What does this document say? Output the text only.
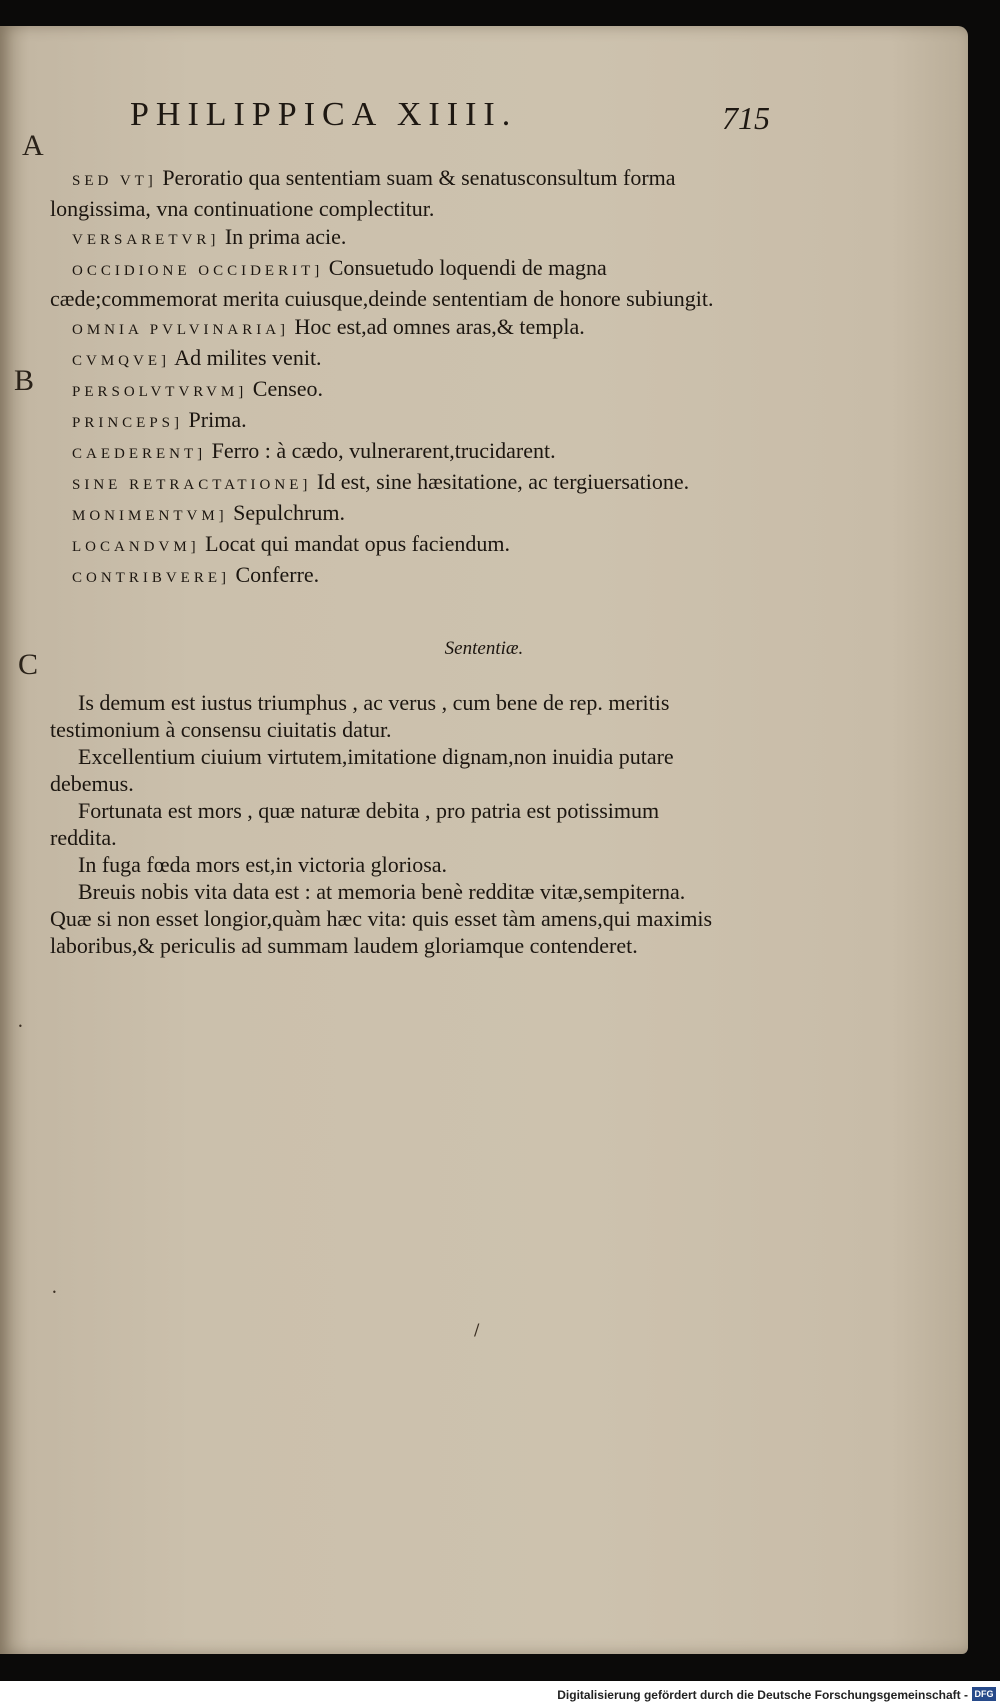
PHILIPPICA XIIII.	715
A
B
C

SED VT] Peroratio qua sententiam suam & senatusconsultum forma longissima, vna continuatione complectitur.

VERSARETVR] In prima acie.

OCCIDIONE OCCIDERIT] Consuetudo loquendi de magna cæde;commemorat merita cuiusque,deinde sententiam de honore subiungit.

OMNIA PVLVINARIA] Hoc est,ad omnes aras,& templa.

CVMQVE] Ad milites venit.

PERSOLVTVRVM] Censeo.

PRINCEPS] Prima.

CAEDERENT] Ferro : à cædo, vulnerarent,trucidarent.

SINE RETRACTATIONE] Id est, sine hæsitatione, ac tergiuersatione.

MONIMENTVM] Sepulchrum.

LOCANDVM] Locat qui mandat opus faciendum.

CONTRIBVERE] Conferre.

Sententiæ.

Is demum est iustus triumphus , ac verus , cum bene de rep. meritis testimonium à consensu ciuitatis datur.

Excellentium ciuium virtutem,imitatione dignam,non inuidia putare debemus.

Fortunata est mors , quæ naturæ debita , pro patria est potissimum reddita.

In fuga fœda mors est,in victoria gloriosa.

Breuis nobis vita data est : at memoria benè redditæ vitæ,sempiterna. Quæ si non esset longior,quàm hæc vita: quis esset tàm amens,qui maximis laboribus,& periculis ad summam laudem gloriamque contenderet.

/
•
•
Digitalisierung gefördert durch die Deutsche Forschungsgemeinschaft - DFG
